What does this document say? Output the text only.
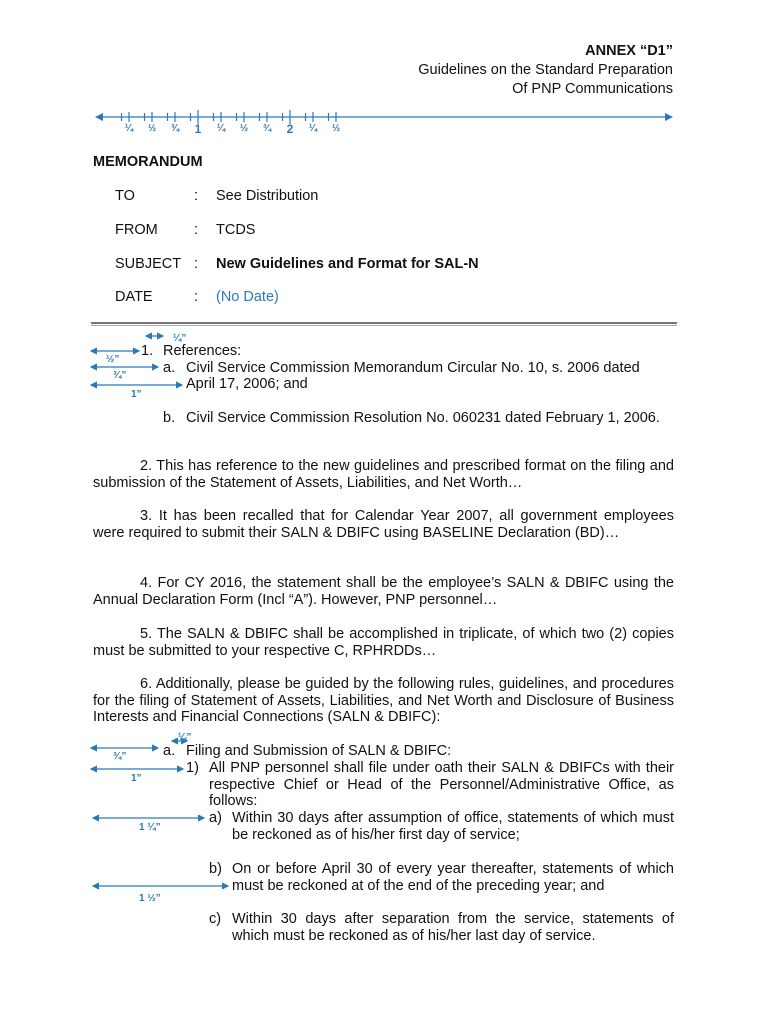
ANNEX “D1”
Guidelines on the Standard Preparation
Of PNP Communications
¼ ½ ¾ 1 ¼ ½ ¾ 2 ¼ ½
MEMORANDUM
TO	: See Distribution
FROM	: TCDS
SUBJECT : New Guidelines and Format for SAL-N
DATE	: (No Date)
¼”
½”
¾”
1”
¼”
¾”
1”
1 ¼”
1 ½”
1. References:
a. Civil Service Commission Memorandum Circular No. 10, s. 2006 dated
April 17, 2006; and
b. Civil Service Commission Resolution No. 060231 dated February 1, 2006.

2. This has reference to the new guidelines and prescribed format on the filing and submission of the Statement of Assets, Liabilities, and Net Worth…

3. It has been recalled that for Calendar Year 2007, all government employees were required to submit their SALN & DBIFC using BASELINE Declaration (BD)…

4. For CY 2016, the statement shall be the employee’s SALN & DBIFC using the Annual Declaration Form (Incl “A”). However, PNP personnel…

5. The SALN & DBIFC shall be accomplished in triplicate, of which two (2) copies must be submitted to your respective C, RPHRDDs…

6. Additionally, please be guided by the following rules, guidelines, and procedures for the filing of Statement of Assets, Liabilities, and Net Worth and Disclosure of Business Interests and Financial Connections (SALN & DBIFC):

a. Filing and Submission of SALN & DBIFC:
1) All PNP personnel shall file under oath their SALN & DBIFCs with their respective Chief or Head of the Personnel/Administrative Office, as follows:
a) Within 30 days after assumption of office, statements of which must be reckoned as of his/her first day of service;
b) On or before April 30 of every year thereafter, statements of which must be reckoned at of the end of the preceding year; and
c) Within 30 days after separation from the service, statements of which must be reckoned as of his/her last day of service.
